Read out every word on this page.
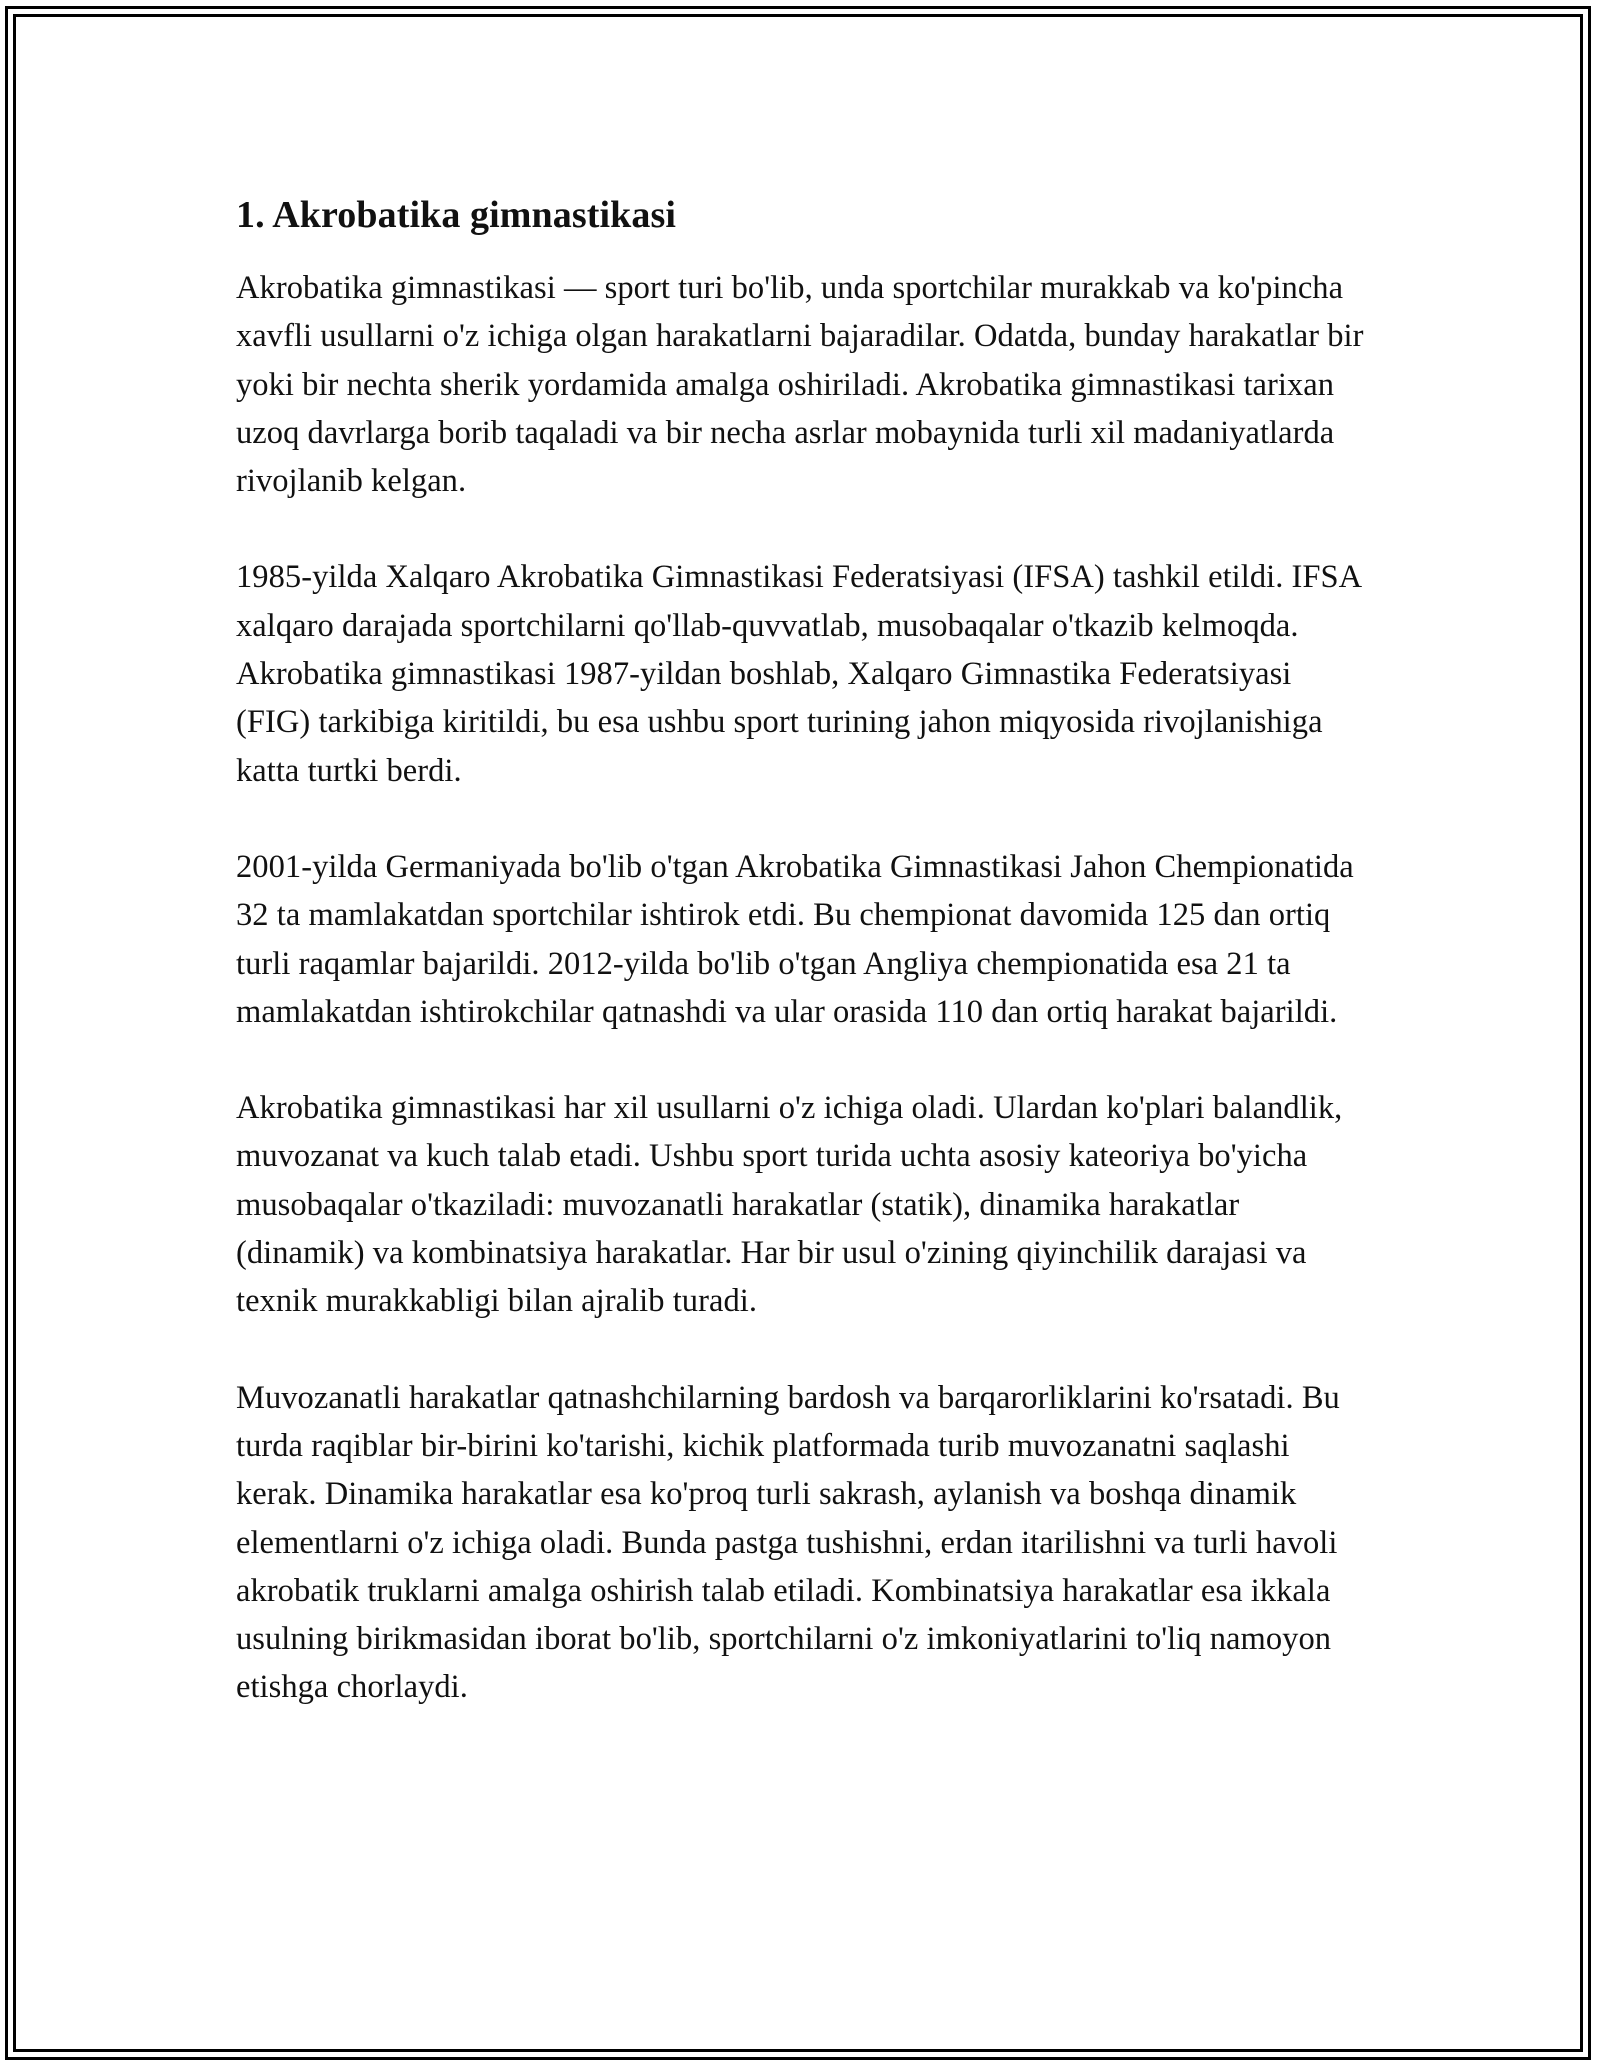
1. Akrobatika gimnastikasi

Akrobatika gimnastikasi — sport turi bo'lib, unda sportchilar murakkab va ko'pincha xavfli usullarni o'z ichiga olgan harakatlarni bajaradilar. Odatda, bunday harakatlar bir yoki bir nechta sherik yordamida amalga oshiriladi. Akrobatika gimnastikasi tarixan uzoq davrlarga borib taqaladi va bir necha asrlar mobaynida turli xil madaniyatlarda rivojlanib kelgan.

1985-yilda Xalqaro Akrobatika Gimnastikasi Federatsiyasi (IFSA) tashkil etildi. IFSA xalqaro darajada sportchilarni qo'llab-quvvatlab, musobaqalar o'tkazib kelmoqda. Akrobatika gimnastikasi 1987-yildan boshlab, Xalqaro Gimnastika Federatsiyasi (FIG) tarkibiga kiritildi, bu esa ushbu sport turining jahon miqyosida rivojlanishiga katta turtki berdi.

2001-yilda Germaniyada bo'lib o'tgan Akrobatika Gimnastikasi Jahon Chempionatida 32 ta mamlakatdan sportchilar ishtirok etdi. Bu chempionat davomida 125 dan ortiq turli raqamlar bajarildi. 2012-yilda bo'lib o'tgan Angliya chempionatida esa 21 ta mamlakatdan ishtirokchilar qatnashdi va ular orasida 110 dan ortiq harakat bajarildi.

Akrobatika gimnastikasi har xil usullarni o'z ichiga oladi. Ulardan ko'plari balandlik, muvozanat va kuch talab etadi. Ushbu sport turida uchta asosiy kateoriya bo'yicha musobaqalar o'tkaziladi: muvozanatli harakatlar (statik), dinamika harakatlar (dinamik) va kombinatsiya harakatlar. Har bir usul o'zining qiyinchilik darajasi va texnik murakkabligi bilan ajralib turadi.

Muvozanatli harakatlar qatnashchilarning bardosh va barqarorliklarini ko'rsatadi. Bu turda raqiblar bir-birini ko'tarishi, kichik platformada turib muvozanatni saqlashi kerak. Dinamika harakatlar esa ko'proq turli sakrash, aylanish va boshqa dinamik elementlarni o'z ichiga oladi. Bunda pastga tushishni, erdan itarilishni va turli havoli akrobatik truklarni amalga oshirish talab etiladi. Kombinatsiya harakatlar esa ikkala usulning birikmasidan iborat bo'lib, sportchilarni o'z imkoniyatlarini to'liq namoyon etishga chorlaydi.
